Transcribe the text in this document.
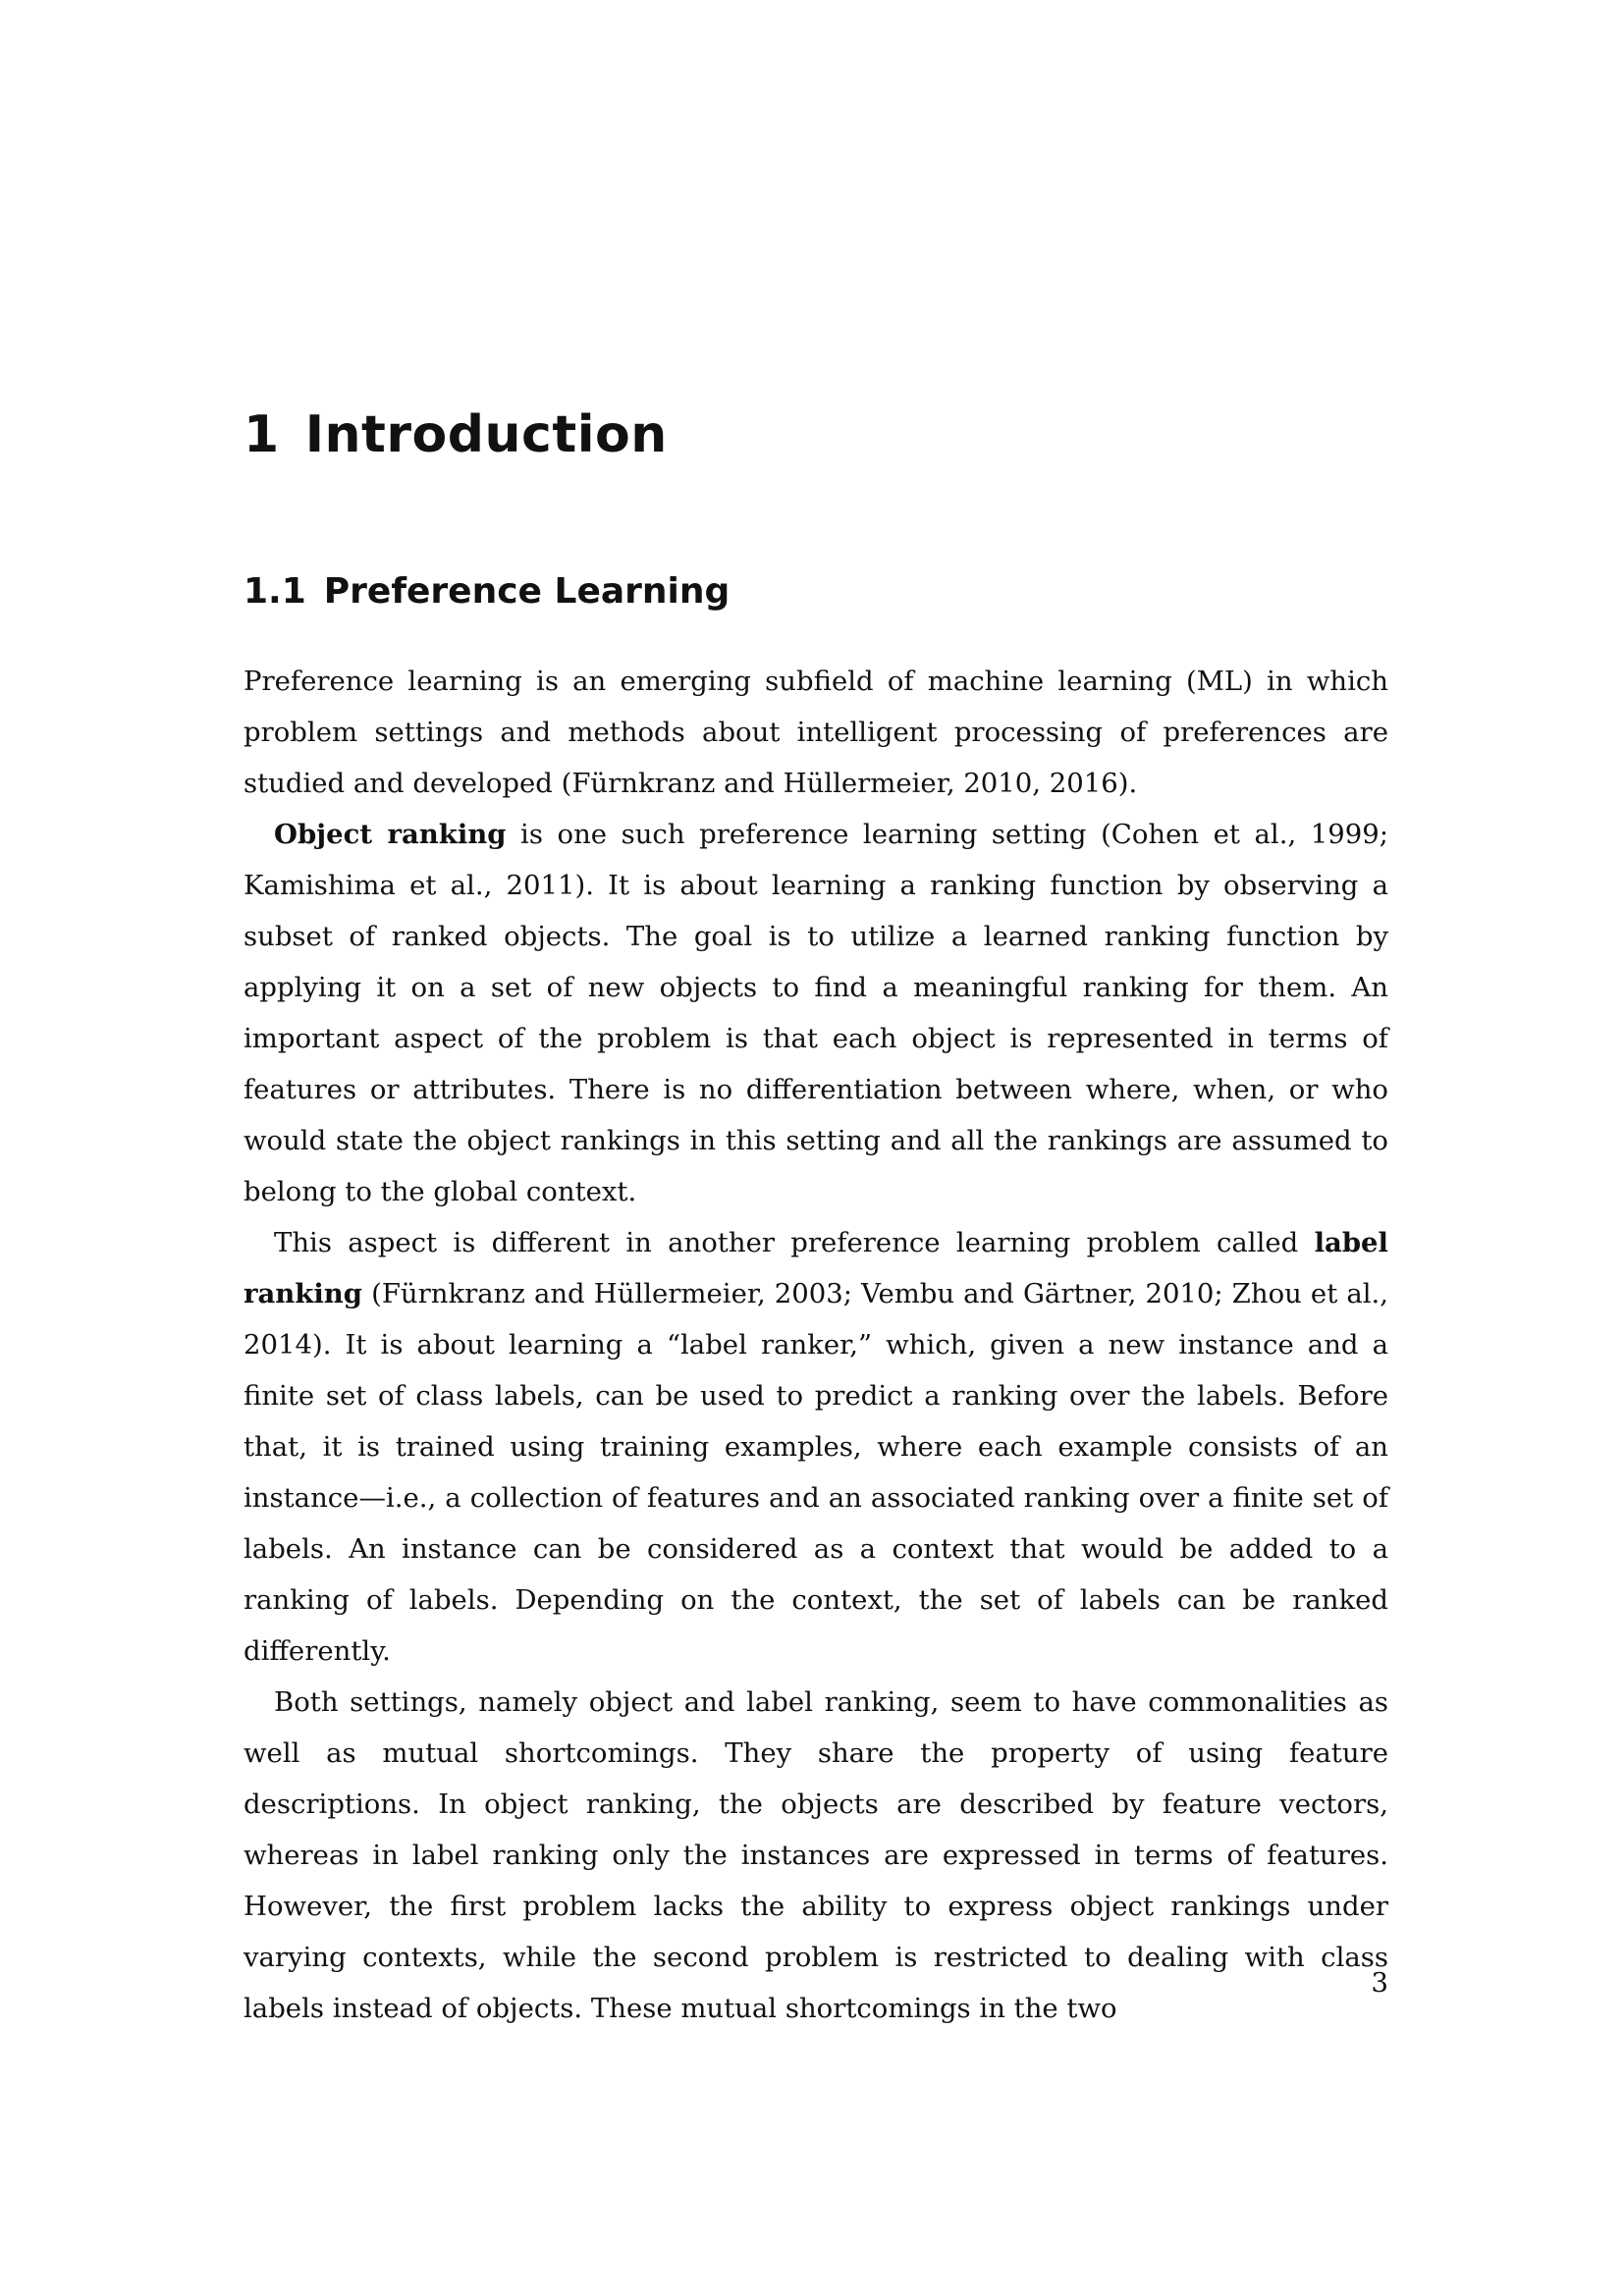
1 Introduction
1.1 Preference Learning

Preference learning is an emerging subfield of machine learning (ML) in which problem settings and methods about intelligent processing of preferences are studied and developed (Fürnkranz and Hüllermeier, 2010, 2016).

Object ranking is one such preference learning setting (Cohen et al., 1999; Kamishima et al., 2011). It is about learning a ranking function by observing a subset of ranked objects. The goal is to utilize a learned ranking function by applying it on a set of new objects to find a meaningful ranking for them. An important aspect of the problem is that each object is represented in terms of features or attributes. There is no differentiation between where, when, or who would state the object rankings in this setting and all the rankings are assumed to belong to the global context.

This aspect is different in another preference learning problem called label ranking (Fürnkranz and Hüllermeier, 2003; Vembu and Gärtner, 2010; Zhou et al., 2014). It is about learning a “label ranker,” which, given a new instance and a finite set of class labels, can be used to predict a ranking over the labels. Before that, it is trained using training examples, where each example consists of an instance—i.e., a collection of features and an associated ranking over a finite set of labels. An instance can be considered as a context that would be added to a ranking of labels. Depending on the context, the set of labels can be ranked differently.

Both settings, namely object and label ranking, seem to have commonalities as well as mutual shortcomings. They share the property of using feature descriptions. In object ranking, the objects are described by feature vectors, whereas in label ranking only the instances are expressed in terms of features. However, the first problem lacks the ability to express object rankings under varying contexts, while the second problem is restricted to dealing with class labels instead of objects. These mutual shortcomings in the two

3
